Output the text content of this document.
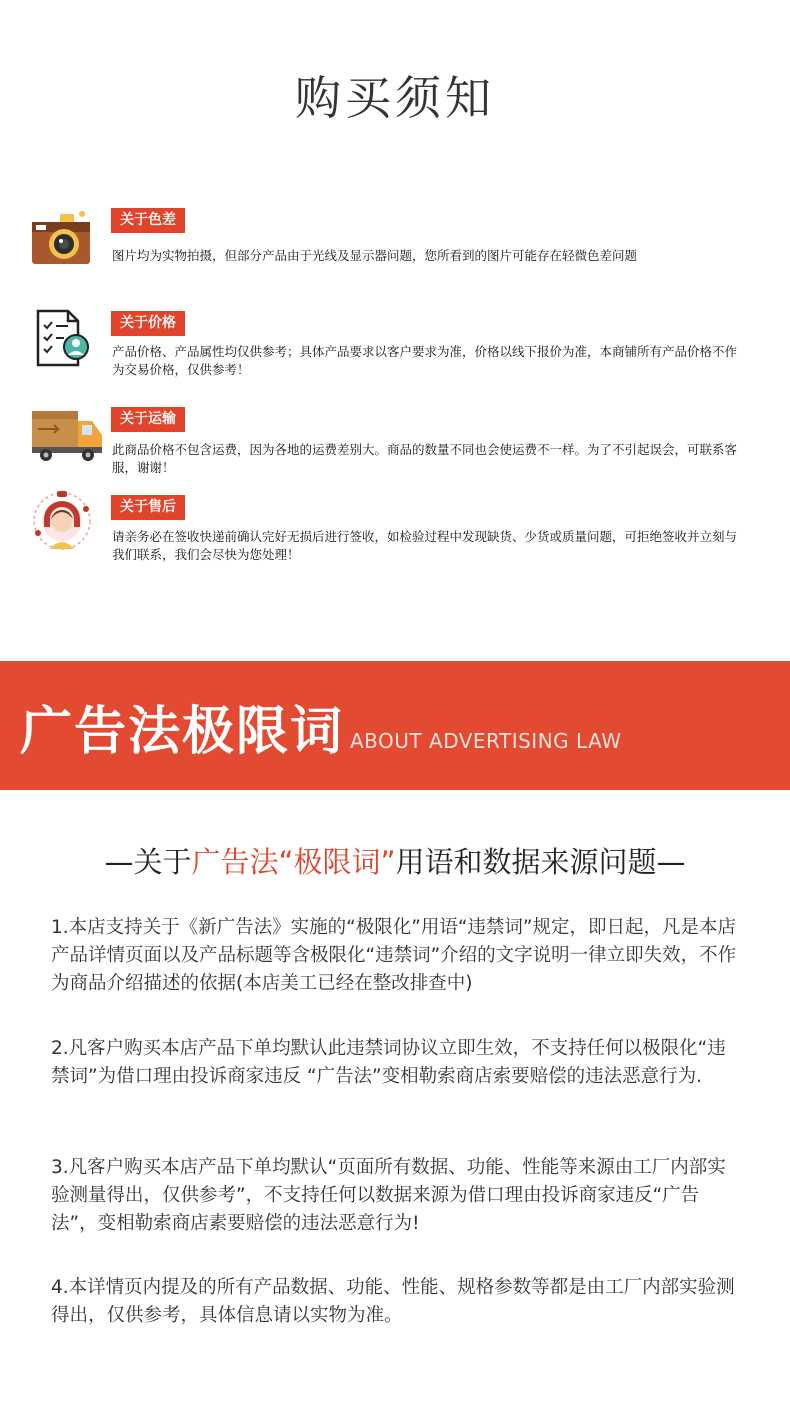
购买须知
关于色差
图片均为实物拍摄，但部分产品由于光线及显示器问题，您所看到的图片可能存在轻微色差问题
关于价格
产品价格、产品属性均仅供参考；具体产品要求以客户要求为准，价格以线下报价为准，本商铺所有产品价格不作为交易价格，仅供参考！
关于运输
此商品价格不包含运费，因为各地的运费差别大。商品的数量不同也会使运费不一样。为了不引起误会，可联系客服，谢谢！
关于售后
请亲务必在签收快递前确认完好无损后进行签收，如检验过程中发现缺货、少货或质量问题，可拒绝签收并立刻与我们联系，我们会尽快为您处理！
广告法极限词 ABOUT ADVERTISING LAW
—关于广告法“极限词”用语和数据来源问题—
1.本店支持关于《新广告法》实施的“极限化”用语“违禁词”规定，即日起，凡是本店产品详情页面以及产品标题等含极限化“违禁词”介绍的文字说明一律立即失效，不作为商品介绍描述的依据(本店美工已经在整改排查中)
2.凡客户购买本店产品下单均默认此违禁词协议立即生效，不支持任何以极限化“违禁词”为借口理由投诉商家违反 “广告法”变相勒索商店索要赔偿的违法恶意行为.
3.凡客户购买本店产品下单均默认“页面所有数据、功能、性能等来源由工厂内部实验测量得出，仅供参考”，不支持任何以数据来源为借口理由投诉商家违反“广告法”，变相勒索商店素要赔偿的违法恶意行为!
4.本详情页内提及的所有产品数据、功能、性能、规格参数等都是由工厂内部实验测得出，仅供参考，具体信息请以实物为准。
